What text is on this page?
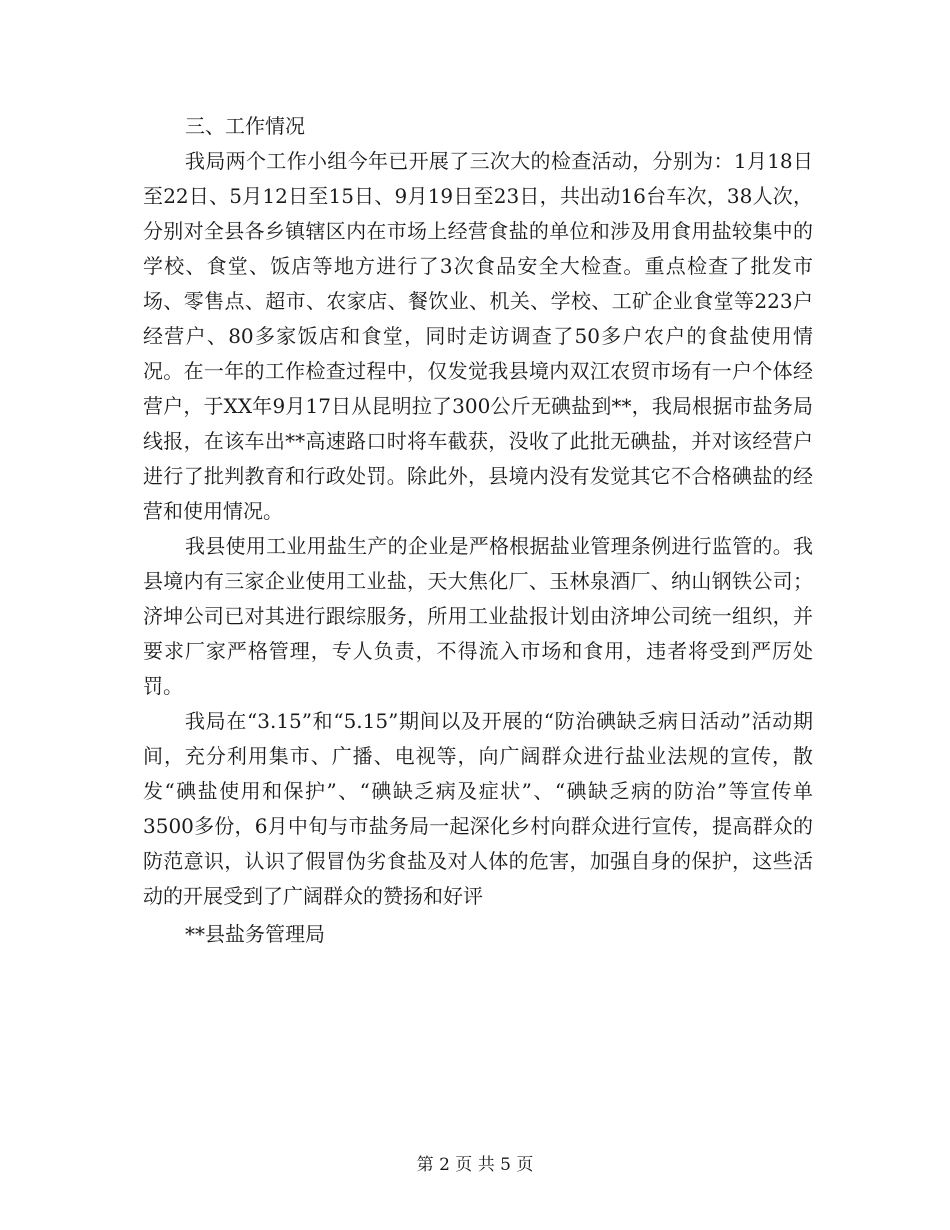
三、工作情况

我局两个工作小组今年已开展了三次大的检查活动，分别为：1月18日至22日、5月12日至15日、9月19日至23日，共出动16台车次，38人次，分别对全县各乡镇辖区内在市场上经营食盐的单位和涉及用食用盐较集中的学校、食堂、饭店等地方进行了3次食品安全大检查。重点检查了批发市场、零售点、超市、农家店、餐饮业、机关、学校、工矿企业食堂等223户经营户、80多家饭店和食堂，同时走访调查了50多户农户的食盐使用情况。在一年的工作检查过程中，仅发觉我县境内双江农贸市场有一户个体经营户，于XX年9月17日从昆明拉了300公斤无碘盐到**，我局根据市盐务局线报，在该车出**高速路口时将车截获，没收了此批无碘盐，并对该经营户进行了批判教育和行政处罚。除此外，县境内没有发觉其它不合格碘盐的经营和使用情况。

我县使用工业用盐生产的企业是严格根据盐业管理条例进行监管的。我县境内有三家企业使用工业盐，天大焦化厂、玉林泉酒厂、纳山钢铁公司；济坤公司已对其进行跟综服务，所用工业盐报计划由济坤公司统一组织，并要求厂家严格管理，专人负责，不得流入市场和食用，违者将受到严厉处罚。

我局在“3.15”和“5.15”期间以及开展的“防治碘缺乏病日活动”活动期间，充分利用集市、广播、电视等，向广阔群众进行盐业法规的宣传，散发“碘盐使用和保护”、“碘缺乏病及症状”、“碘缺乏病的防治”等宣传单3500多份，6月中旬与市盐务局一起深化乡村向群众进行宣传，提高群众的防范意识，认识了假冒伪劣食盐及对人体的危害，加强自身的保护，这些活动的开展受到了广阔群众的赞扬和好评

**县盐务管理局

第 2 页 共 5 页
